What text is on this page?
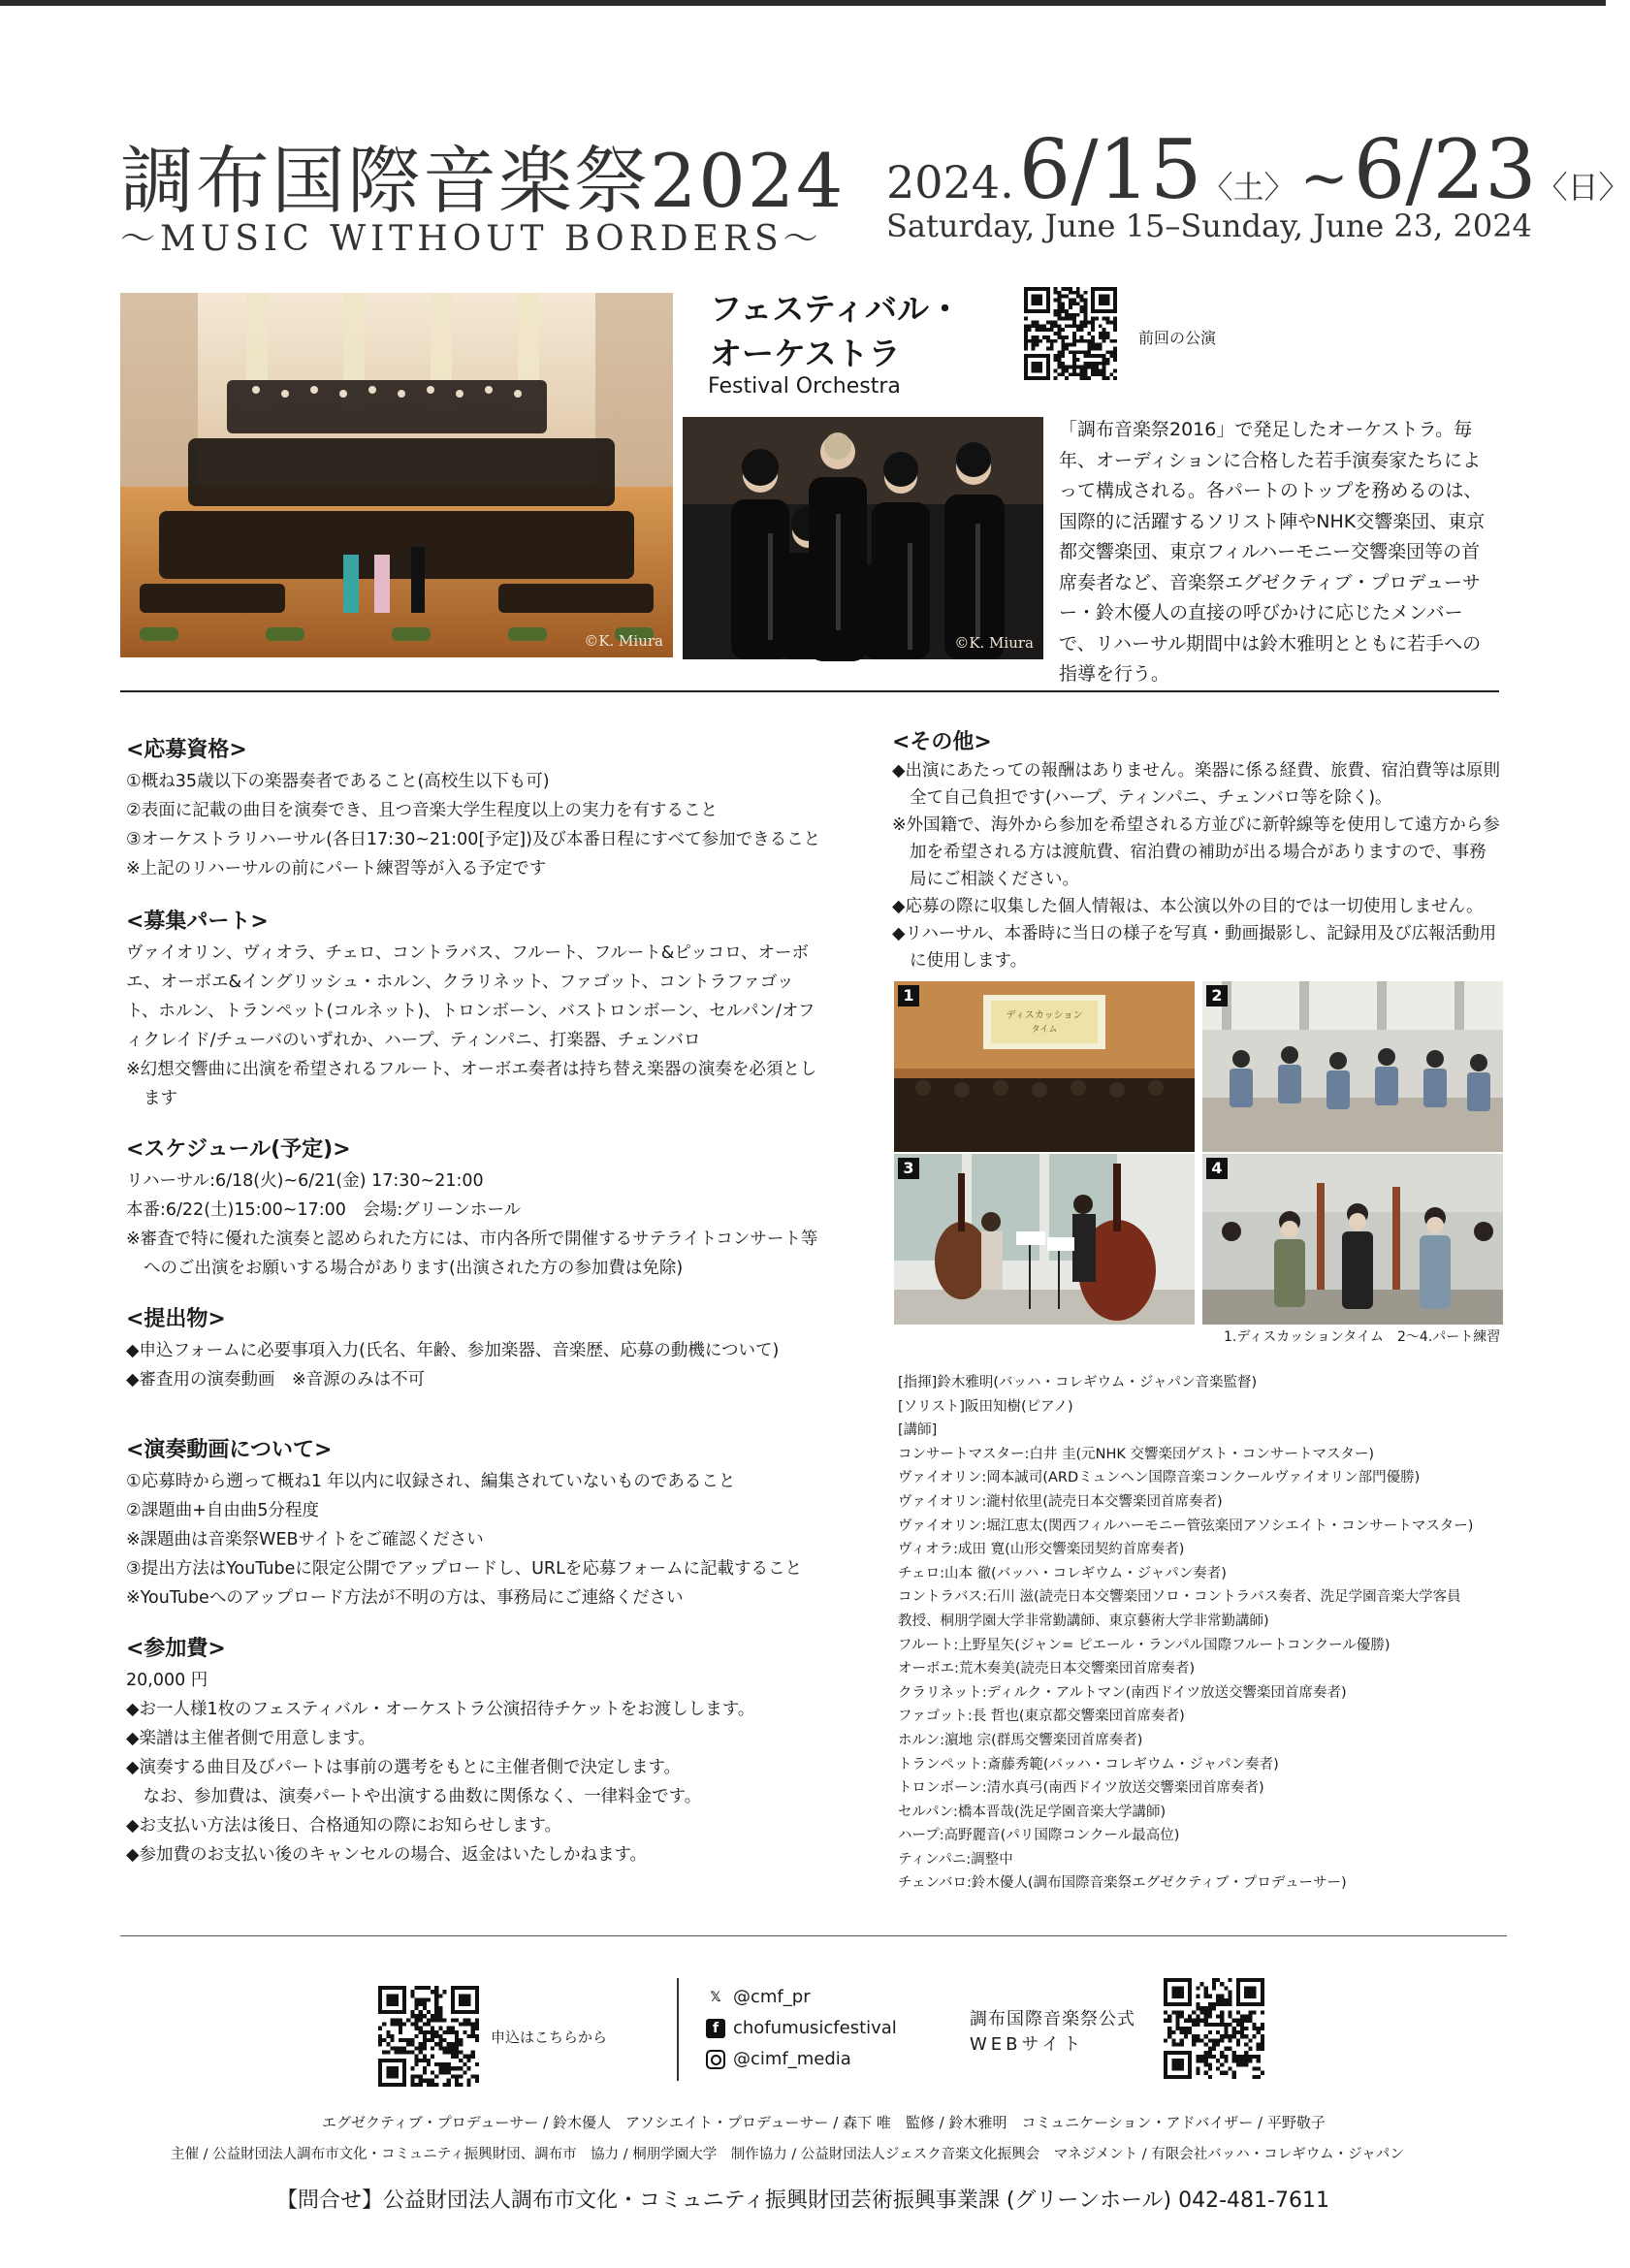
調布国際音楽祭2024
〜MUSIC WITHOUT BORDERS〜
2024. 6/15〈土〉 ~ 6/23〈日〉
Saturday, June 15–Sunday, June 23, 2024
©K. Miura
フェスティバル・
オーケストラ
Festival Orchestra
前回の公演
©K. Miura
「調布音楽祭2016」で発足したオーケストラ。毎年、オーディションに合格した若手演奏家たちによって構成される。各パートのトップを務めるのは、国際的に活躍するソリスト陣やNHK交響楽団、東京都交響楽団、東京フィルハーモニー交響楽団等の首席奏者など、音楽祭エグゼクティブ・プロデューサー・鈴木優人の直接の呼びかけに応じたメンバーで、リハーサル期間中は鈴木雅明とともに若手への指導を行う。
<応募資格>

①概ね35歳以下の楽器奏者であること(高校生以下も可)

②表面に記載の曲目を演奏でき、且つ音楽大学生程度以上の実力を有すること

③オーケストラリハーサル(各日17:30~21:00[予定])及び本番日程にすべて参加できること

※上記のリハーサルの前にパート練習等が入る予定です

<募集パート>

ヴァイオリン、ヴィオラ、チェロ、コントラバス、フルート、フルート&ピッコロ、オーボエ、オーボエ&イングリッシュ・ホルン、クラリネット、ファゴット、コントラファゴット、ホルン、トランペット(コルネット)、トロンボーン、バストロンボーン、セルパン/オフィクレイド/チューバのいずれか、ハープ、ティンパニ、打楽器、チェンバロ

※幻想交響曲に出演を希望されるフルート、オーボエ奏者は持ち替え楽器の演奏を必須とします

<スケジュール(予定)>

リハーサル:6/18(火)~6/21(金) 17:30~21:00

本番:6/22(土)15:00~17:00　会場:グリーンホール

※審査で特に優れた演奏と認められた方には、市内各所で開催するサテライトコンサート等へのご出演をお願いする場合があります(出演された方の参加費は免除)

<提出物>

◆申込フォームに必要事項入力(氏名、年齢、参加楽器、音楽歴、応募の動機について)

◆審査用の演奏動画　※音源のみは不可

<演奏動画について>

①応募時から遡って概ね1 年以内に収録され、編集されていないものであること

②課題曲+自由曲5分程度

※課題曲は音楽祭WEBサイトをご確認ください

③提出方法はYouTubeに限定公開でアップロードし、URLを応募フォームに記載すること

※YouTubeへのアップロード方法が不明の方は、事務局にご連絡ください

<参加費>

20,000 円

◆お一人様1枚のフェスティバル・オーケストラ公演招待チケットをお渡しします。

◆楽譜は主催者側で用意します。

◆演奏する曲目及びパートは事前の選考をもとに主催者側で決定します。

　なお、参加費は、演奏パートや出演する曲数に関係なく、一律料金です。

◆お支払い方法は後日、合格通知の際にお知らせします。

◆参加費のお支払い後のキャンセルの場合、返金はいたしかねます。

<その他>

◆出演にあたっての報酬はありません。楽器に係る経費、旅費、宿泊費等は原則全て自己負担です(ハープ、ティンパニ、チェンバロ等を除く)。

※外国籍で、海外から参加を希望される方並びに新幹線等を使用して遠方から参加を希望される方は渡航費、宿泊費の補助が出る場合がありますので、事務局にご相談ください。

◆応募の際に収集した個人情報は、本公演以外の目的では一切使用しません。

◆リハーサル、本番時に当日の様子を写真・動画撮影し、記録用及び広報活動用に使用します。

ディスカッション
タイム
1	2
3	4
1.ディスカッションタイム　2〜4.パート練習

[指揮]鈴木雅明(バッハ・コレギウム・ジャパン音楽監督)

[ソリスト]阪田知樹(ピアノ)

[講師]

コンサートマスター:白井 圭(元NHK 交響楽団ゲスト・コンサートマスター)

ヴァイオリン:岡本誠司(ARDミュンヘン国際音楽コンクールヴァイオリン部門優勝)

ヴァイオリン:瀧村依里(読売日本交響楽団首席奏者)

ヴァイオリン:堀江恵太(関西フィルハーモニー管弦楽団アソシエイト・コンサートマスター)

ヴィオラ:成田 寛(山形交響楽団契約首席奏者)

チェロ:山本 徹(バッハ・コレギウム・ジャパン奏者)

コントラバス:石川 滋(読売日本交響楽団ソロ・コントラバス奏者、洗足学園音楽大学客員

教授、桐朋学園大学非常勤講師、東京藝術大学非常勤講師)

フルート:上野星矢(ジャン= ピエール・ランパル国際フルートコンクール優勝)

オーボエ:荒木奏美(読売日本交響楽団首席奏者)

クラリネット:ディルク・アルトマン(南西ドイツ放送交響楽団首席奏者)

ファゴット:長 哲也(東京都交響楽団首席奏者)

ホルン:濵地 宗(群馬交響楽団首席奏者)

トランペット:斎藤秀範(バッハ・コレギウム・ジャパン奏者)

トロンボーン:清水真弓(南西ドイツ放送交響楽団首席奏者)

セルパン:橋本晋哉(洗足学園音楽大学講師)

ハープ:高野麗音(パリ国際コンクール最高位)

ティンパニ:調整中

チェンバロ:鈴木優人(調布国際音楽祭エグゼクティブ・プロデューサー)

申込はこちらから
𝕏 @cmf_pr
f chofumusicfestival
@cimf_media
調布国際音楽祭公式
WEBサイト
エグゼクティブ・プロデューサー / 鈴木優人　アソシエイト・プロデューサー / 森下 唯　監修 / 鈴木雅明　コミュニケーション・アドバイザー / 平野敬子
主催 / 公益財団法人調布市文化・コミュニティ振興財団、調布市　協力 / 桐朋学園大学　制作協力 / 公益財団法人ジェスク音楽文化振興会　マネジメント / 有限会社バッハ・コレギウム・ジャパン
【問合せ】公益財団法人調布市文化・コミュニティ振興財団芸術振興事業課 (グリーンホール) 042-481-7611
